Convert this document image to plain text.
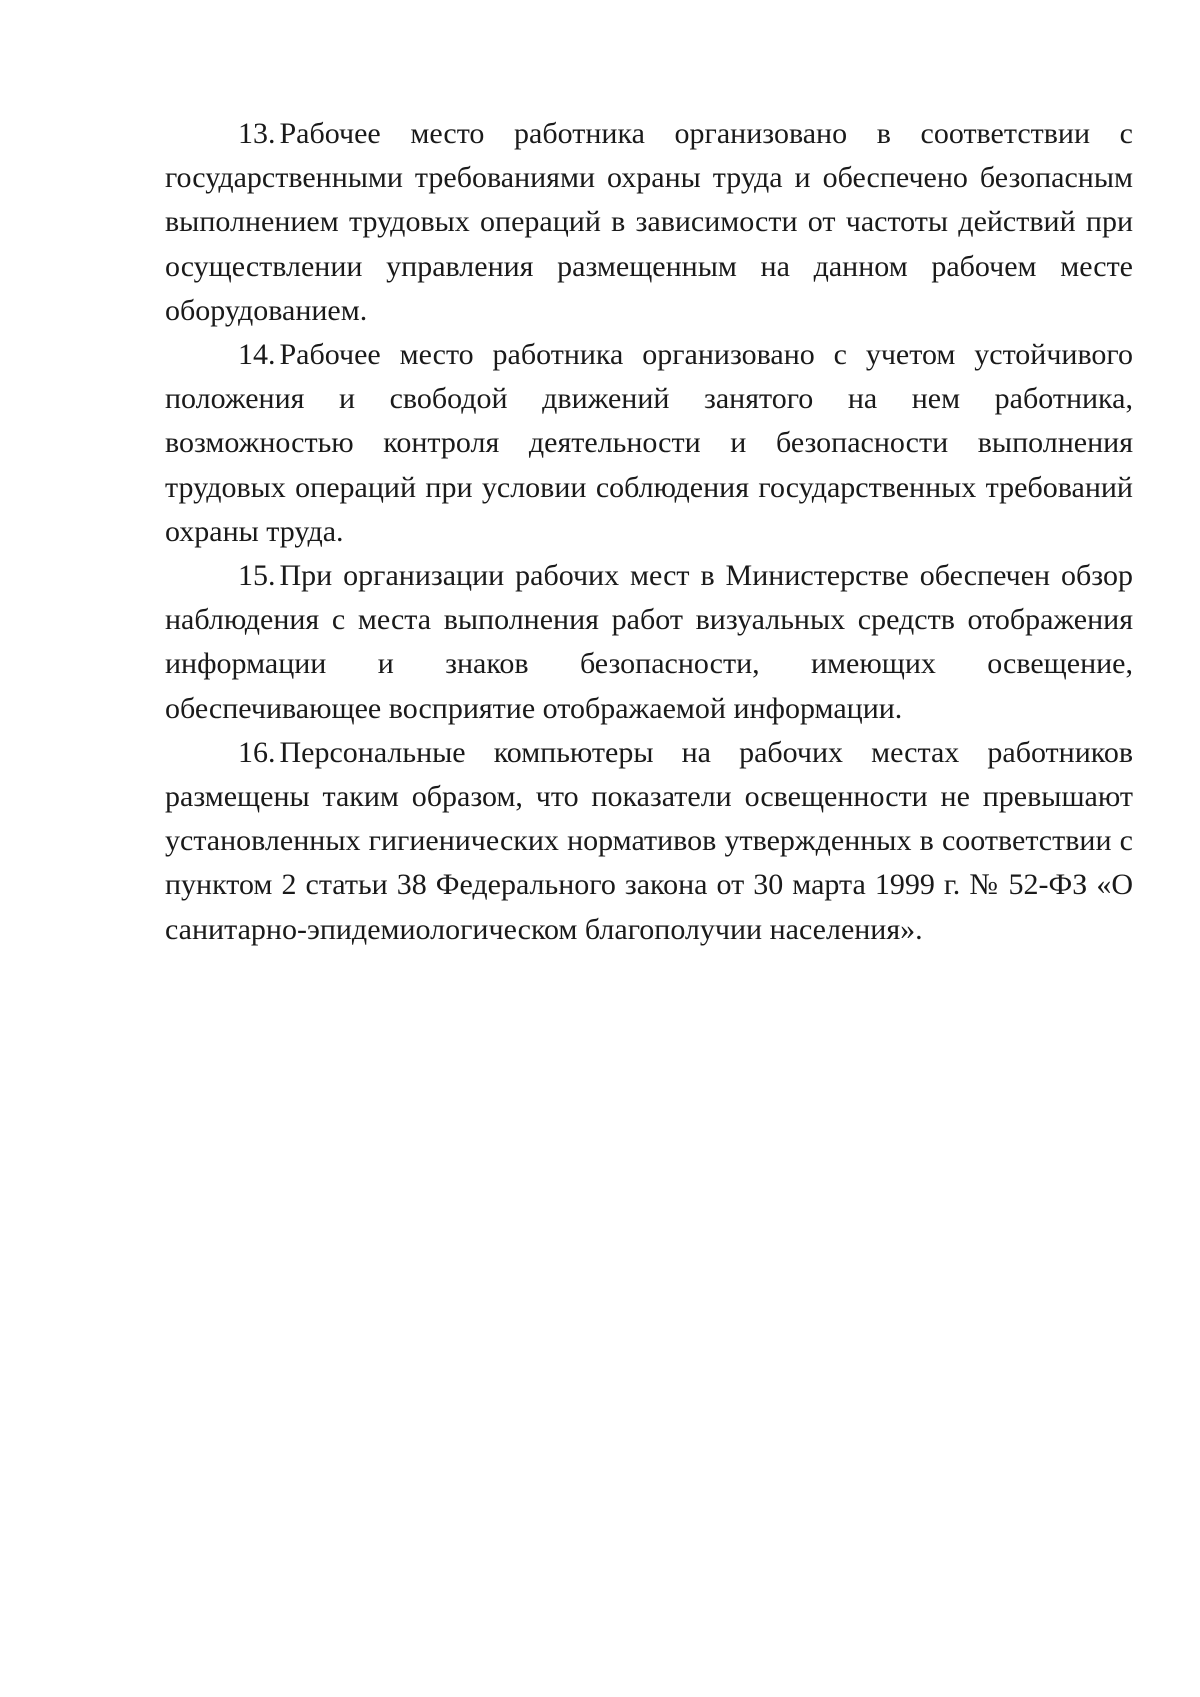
13. Рабочее место работника организовано в соответствии с государственными требованиями охраны труда и обеспечено безопасным выполнением трудовых операций в зависимости от частоты действий при осуществлении управления размещенным на данном рабочем месте оборудованием.

14. Рабочее место работника организовано с учетом устойчивого положения и свободой движений занятого на нем работника, возможностью контроля деятельности и безопасности выполнения трудовых операций при условии соблюдения государственных требований охраны труда.

15. При организации рабочих мест в Министерстве обеспечен обзор наблюдения с места выполнения работ визуальных средств отображения информации и знаков безопасности, имеющих освещение, обеспечивающее восприятие отображаемой информации.

16. Персональные компьютеры на рабочих местах работников размещены таким образом, что показатели освещенности не превышают установленных гигиенических нормативов утвержденных в соответствии с пунктом 2 статьи 38 Федерального закона от 30 марта 1999 г. № 52-ФЗ «О санитарно-эпидемиологическом благополучии населения».
